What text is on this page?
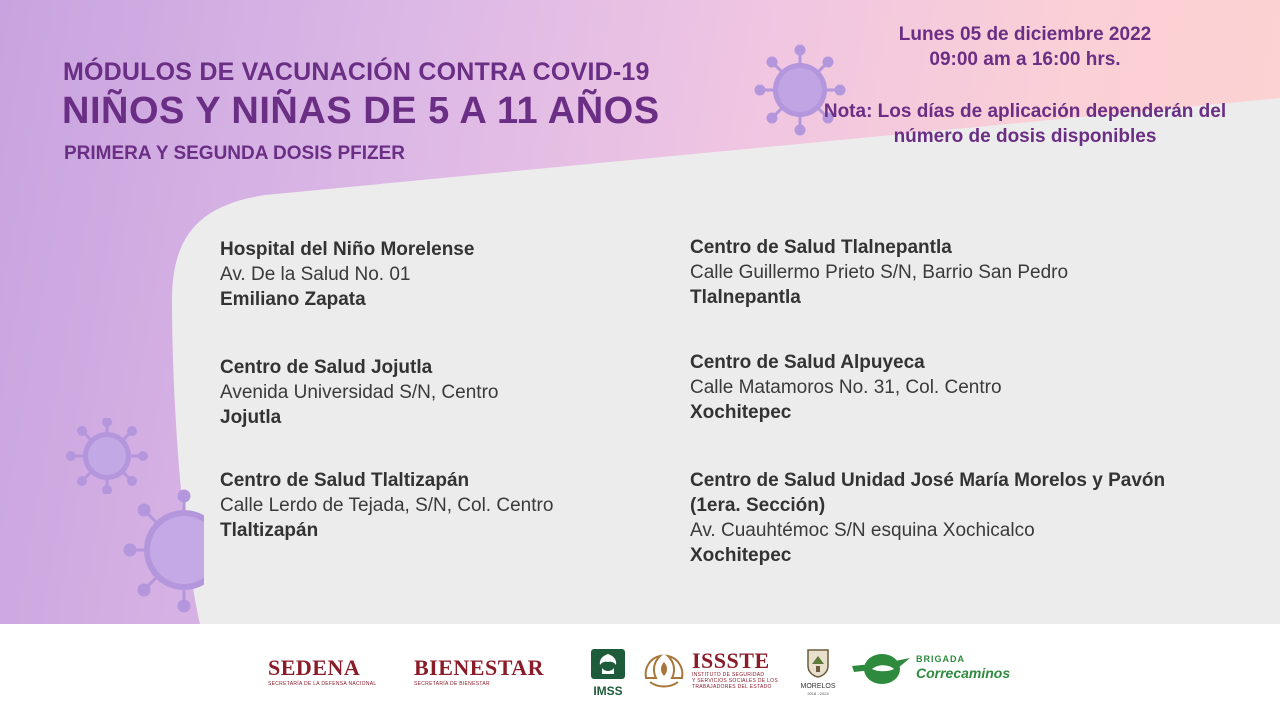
MÓDULOS DE VACUNACIÓN CONTRA COVID-19
NIÑOS Y NIÑAS DE 5 A 11 AÑOS
PRIMERA Y SEGUNDA DOSIS PFIZER
Lunes 05 de diciembre 2022
09:00 am a 16:00 hrs.
Nota: Los días de aplicación dependerán del
número de dosis disponibles
Hospital del Niño Morelense
Av. De la Salud No. 01
Emiliano Zapata
Centro de Salud Jojutla
Avenida Universidad S/N, Centro
Jojutla
Centro de Salud Tlaltizapán
Calle Lerdo de Tejada, S/N, Col. Centro
Tlaltizapán
Centro de Salud Tlalnepantla
Calle Guillermo Prieto S/N, Barrio San Pedro
Tlalnepantla
Centro de Salud Alpuyeca
Calle Matamoros No. 31, Col. Centro
Xochitepec
Centro de Salud Unidad José María Morelos y Pavón
(1era. Sección)
Av. Cuauhtémoc S/N esquina Xochicalco
Xochitepec
SEDENA
SECRETARÍA DE LA DEFENSA NACIONAL
BIENESTAR
SECRETARÍA DE BIENESTAR	IMSS
ISSSTE
INSTITUTO DE SEGURIDAD
Y SERVICIOS SOCIALES DE LOS
TRABAJADORES DEL ESTADO	MORELOS
2018 - 2024
BRIGADA
Correcaminos
